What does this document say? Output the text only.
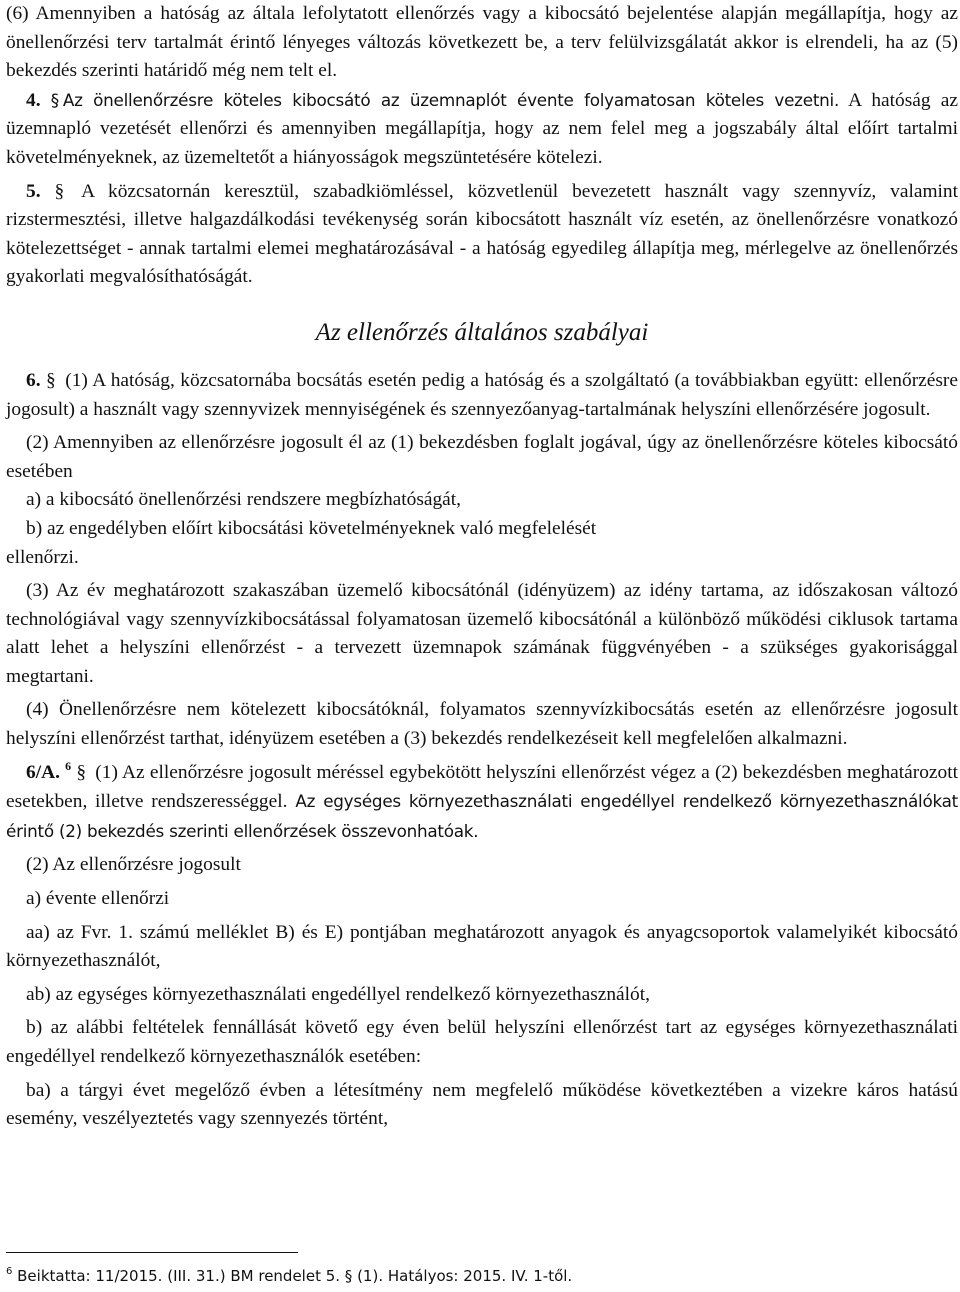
(6) Amennyiben a hatóság az általa lefolytatott ellenőrzés vagy a kibocsátó bejelentése alapján megállapítja, hogy az önellenőrzési terv tartalmát érintő lényeges változás következett be, a terv felülvizsgálatát akkor is elrendeli, ha az (5) bekezdés szerinti határidő még nem telt el.

4. § Az önellenőrzésre köteles kibocsátó az üzemnaplót évente folyamatosan köteles vezetni. A hatóság az üzemnapló vezetését ellenőrzi és amennyiben megállapítja, hogy az nem felel meg a jogszabály által előírt tartalmi követelményeknek, az üzemeltetőt a hiányosságok megszüntetésére kötelezi.

5. § A közcsatornán keresztül, szabadkiömléssel, közvetlenül bevezetett használt vagy szennyvíz, valamint rizstermesztési, illetve halgazdálkodási tevékenység során kibocsátott használt víz esetén, az önellenőrzésre vonatkozó kötelezettséget - annak tartalmi elemei meghatározásával - a hatóság egyedileg állapítja meg, mérlegelve az önellenőrzés gyakorlati megvalósíthatóságát.

Az ellenőrzés általános szabályai

6. § (1) A hatóság, közcsatornába bocsátás esetén pedig a hatóság és a szolgáltató (a továbbiakban együtt: ellenőrzésre jogosult) a használt vagy szennyvizek mennyiségének és szennyezőanyag-tartalmának helyszíni ellenőrzésére jogosult.

(2) Amennyiben az ellenőrzésre jogosult él az (1) bekezdésben foglalt jogával, úgy az önellenőrzésre köteles kibocsátó esetében

a) a kibocsátó önellenőrzési rendszere megbízhatóságát,

b) az engedélyben előírt kibocsátási követelményeknek való megfelelését

ellenőrzi.

(3) Az év meghatározott szakaszában üzemelő kibocsátónál (idényüzem) az idény tartama, az időszakosan változó technológiával vagy szennyvízkibocsátással folyamatosan üzemelő kibocsátónál a különböző működési ciklusok tartama alatt lehet a helyszíni ellenőrzést - a tervezett üzemnapok számának függvényében - a szükséges gyakorisággal megtartani.

(4) Önellenőrzésre nem kötelezett kibocsátóknál, folyamatos szennyvízkibocsátás esetén az ellenőrzésre jogosult helyszíni ellenőrzést tarthat, idényüzem esetében a (3) bekezdés rendelkezéseit kell megfelelően alkalmazni.

6/A. $^6$ § (1) Az ellenőrzésre jogosult méréssel egybekötött helyszíni ellenőrzést végez a (2) bekezdésben meghatározott esetekben, illetve rendszerességgel. Az egységes környezethasználati engedéllyel rendelkező környezethasználókat érintő (2) bekezdés szerinti ellenőrzések összevonhatóak.

(2) Az ellenőrzésre jogosult

a) évente ellenőrzi

aa) az Fvr. 1. számú melléklet B) és E) pontjában meghatározott anyagok és anyagcsoportok valamelyikét kibocsátó környezethasználót,

ab) az egységes környezethasználati engedéllyel rendelkező környezethasználót,

b) az alábbi feltételek fennállását követő egy éven belül helyszíni ellenőrzést tart az egységes környezethasználati engedéllyel rendelkező környezethasználók esetében:

ba) a tárgyi évet megelőző évben a létesítmény nem megfelelő működése következtében a vizekre káros hatású esemény, veszélyeztetés vagy szennyezés történt,

$^6$ Beiktatta: 11/2015. (III. 31.) BM rendelet 5. § (1). Hatályos: 2015. IV. 1-től.
